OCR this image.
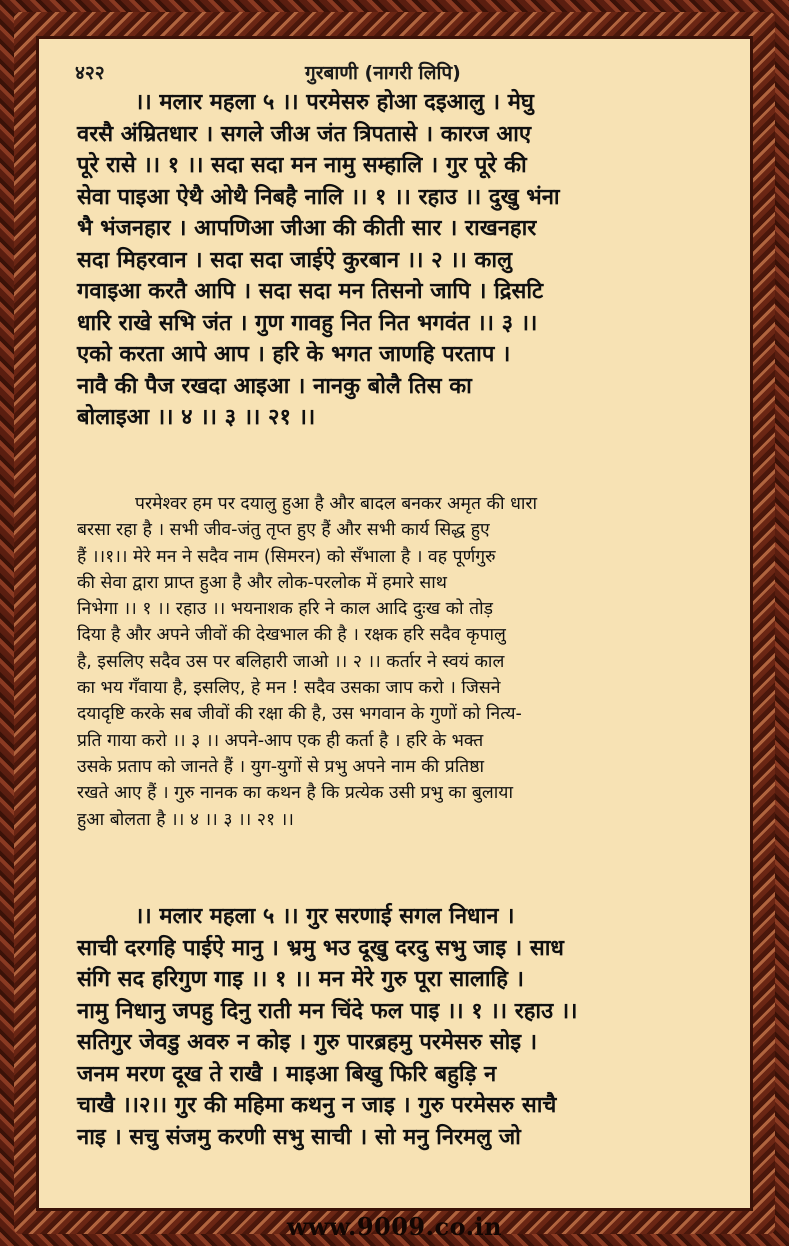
४२२	गुरबाणी (नागरी लिपि)

।। मलार महला ५ ।। परमेसरु होआ दइआलु । मेघु

वरसै अंम्रितधार । सगले जीअ जंत त्रिपतासे । कारज आए

पूरे रासे ।। १ ।। सदा सदा मन नामु सम्हालि । गुर पूरे की

सेवा पाइआ ऐथै ओथै निबहै नालि ।। १ ।। रहाउ ।। दुखु भंना

भै भंजनहार । आपणिआ जीआ की कीती सार । राखनहार

सदा मिहरवान । सदा सदा जाईऐ कुरबान ।। २ ।। कालु

गवाइआ करतै आपि । सदा सदा मन तिसनो जापि । द्रिसटि

धारि राखे सभि जंत । गुण गावहु नित नित भगवंत ।। ३ ।।

एको करता आपे आप । हरि के भगत जाणहि परताप ।

नावै की पैज रखदा आइआ । नानकु बोलै तिस का

बोलाइआ ।। ४ ।। ३ ।। २१ ।।

परमेश्वर हम पर दयालु हुआ है और बादल बनकर अमृत की धारा

बरसा रहा है । सभी जीव-जंतु तृप्त हुए हैं और सभी कार्य सिद्ध हुए

हैं ।।१।। मेरे मन ने सदैव नाम (सिमरन) को सँभाला है । वह पूर्णगुरु

की सेवा द्वारा प्राप्त हुआ है और लोक-परलोक में हमारे साथ

निभेगा ।। १ ।। रहाउ ।। भयनाशक हरि ने काल आदि दुःख को तोड़

दिया है और अपने जीवों की देखभाल की है । रक्षक हरि सदैव कृपालु

है, इसलिए सदैव उस पर बलिहारी जाओ ।। २ ।। कर्तार ने स्वयं काल

का भय गँवाया है, इसलिए, हे मन ! सदैव उसका जाप करो । जिसने

दयादृष्टि करके सब जीवों की रक्षा की है, उस भगवान के गुणों को नित्य-

प्रति गाया करो ।। ३ ।। अपने-आप एक ही कर्ता है । हरि के भक्त

उसके प्रताप को जानते हैं । युग-युगों से प्रभु अपने नाम की प्रतिष्ठा

रखते आए हैं । गुरु नानक का कथन है कि प्रत्येक उसी प्रभु का बुलाया

हुआ बोलता है ।। ४ ।। ३ ।। २१ ।।

।। मलार महला ५ ।। गुर सरणाई सगल निधान ।

साची दरगहि पाईऐ मानु । भ्रमु भउ दूखु दरदु सभु जाइ । साध

संगि सद हरिगुण गाइ ।। १ ।। मन मेरे गुरु पूरा सालाहि ।

नामु निधानु जपहु दिनु राती मन चिंदे फल पाइ ।। १ ।। रहाउ ।।

सतिगुर जेवडु अवरु न कोइ । गुरु पारब्रहमु परमेसरु सोइ ।

जनम मरण दूख ते राखै । माइआ बिखु फिरि बहुड़ि न

चाखै ।।२।। गुर की महिमा कथनु न जाइ । गुरु परमेसरु साचै

नाइ । सचु संजमु करणी सभु साची । सो मनु निरमलु जो

www.9009.co.in
